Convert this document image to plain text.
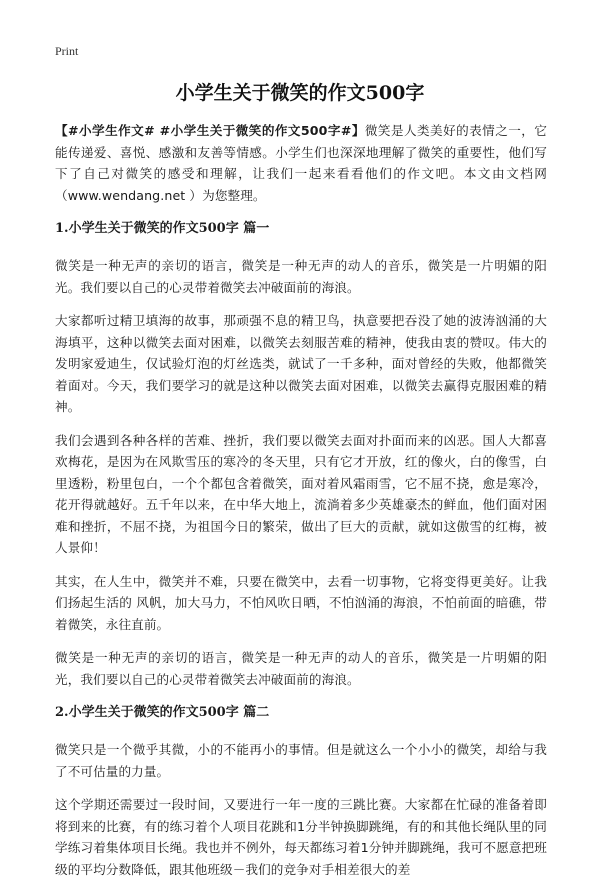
Print
小学生关于微笑的作文500字

【#小学生作文# #小学生关于微笑的作文500字#】微笑是人类美好的表情之一，它能传递爱、喜悦、感激和友善等情感。小学生们也深深地理解了微笑的重要性，他们写下了自己对微笑的感受和理解，让我们一起来看看他们的作文吧。本文由文档网（www.wendang.net ）为您整理。

1.小学生关于微笑的作文500字 篇一

微笑是一种无声的亲切的语言，微笑是一种无声的动人的音乐，微笑是一片明媚的阳光。我们要以自己的心灵带着微笑去冲破面前的海浪。

大家都听过精卫填海的故事，那顽强不息的精卫鸟，执意要把吞没了她的波涛汹涌的大海填平，这种以微笑去面对困难，以微笑去刻服苦难的精神，使我由衷的赞叹。伟大的发明家爱迪生，仅试验灯泡的灯丝选类，就试了一千多种，面对曾经的失败，他都微笑着面对。今天，我们要学习的就是这种以微笑去面对困难，以微笑去赢得克服困难的精神。

我们会遇到各种各样的苦难、挫折，我们要以微笑去面对扑面而来的凶恶。国人大都喜欢梅花，是因为在风欺雪压的寒冷的冬天里，只有它才开放，红的像火，白的像雪，白里透粉，粉里包白，一个个都包含着微笑，面对着风霜雨雪，它不屈不挠，愈是寒冷，花开得就越好。五千年以来，在中华大地上，流淌着多少英雄豪杰的鲜血，他们面对困难和挫折，不屈不挠，为祖国今日的繁荣，做出了巨大的贡献，就如这傲雪的红梅，被人景仰！

其实，在人生中，微笑并不难，只要在微笑中，去看一切事物，它将变得更美好。让我们扬起生活的 风帆，加大马力，不怕风吹日晒，不怕汹涌的海浪，不怕前面的暗礁，带着微笑，永往直前。

微笑是一种无声的亲切的语言，微笑是一种无声的动人的音乐，微笑是一片明媚的阳光，我们要以自己的心灵带着微笑去冲破面前的海浪。

2.小学生关于微笑的作文500字 篇二

微笑只是一个微乎其微，小的不能再小的事情。但是就这么一个小小的微笑，却给与我了不可估量的力量。

这个学期还需要过一段时间，又要进行一年一度的三跳比赛。大家都在忙碌的准备着即将到来的比赛，有的练习着个人项目花跳和1分半钟换脚跳绳，有的和其他长绳队里的同学练习着集体项目长绳。我也并不例外，每天都练习着1分钟并脚跳绳，我可不愿意把班级的平均分数降低，跟其他班级－我们的竞争对手相差很大的差
